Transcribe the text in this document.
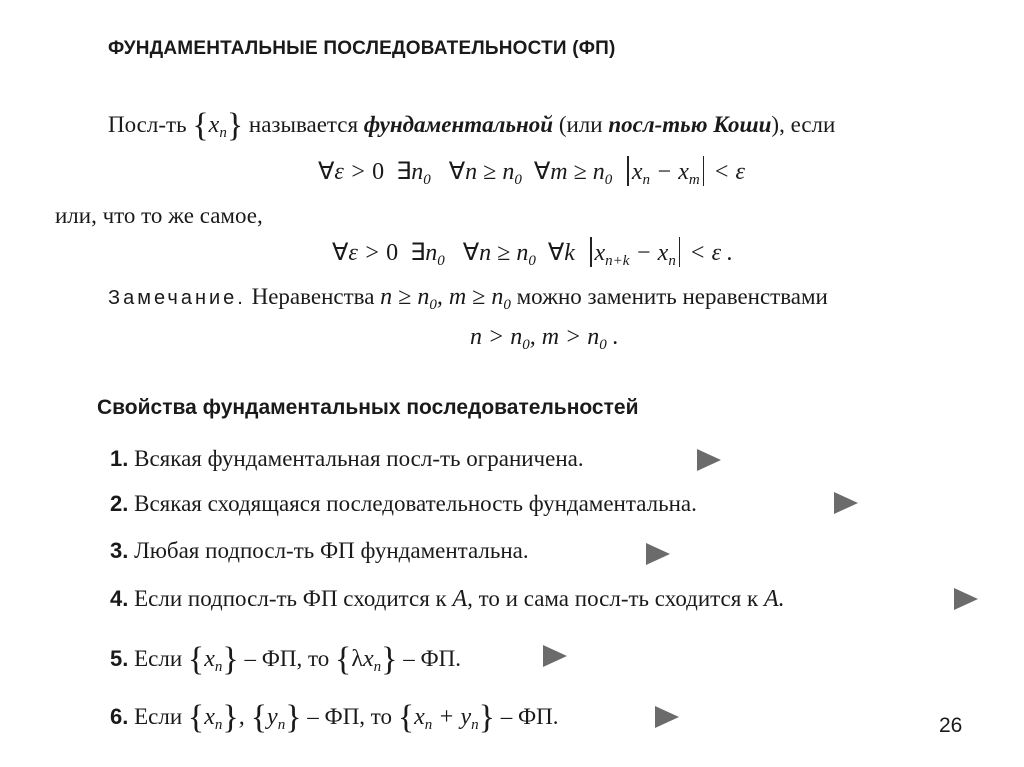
ФУНДАМЕНТАЛЬНЫЕ ПОСЛЕДОВАТЕЛЬНОСТИ (ФП)
Посл-ть $\{x_n\}$ называется фундаментальной (или посл-тью Коши), если
∀ε > 0 $\exists n_0$ ∀n ≥ $n_0$ ∀m ≥ $n_0$ $x_n - x_m < \varepsilon$
или, что то же самое,
∀ε > 0 $\exists n_0$ ∀n ≥ $n_0$ ∀k  $x_{n+k} - x_n < \varepsilon$ .
Замечание. Неравенства $n \ge n_0$, $m \ge n_0$ можно заменить неравенствами
$n > n_0$, $m > n_0$ .
Свойства фундаментальных последовательностей
1. Всякая фундаментальная посл-ть ограничена.
2. Всякая сходящаяся последовательность фундаментальна.
3. Любая подпосл-ть ФП фундаментальна.
4. Если подпосл-ть ФП сходится к A, то и сама посл-ть сходится к A.
5. Если $\{x_n\}$ – ФП, то $\{\lambda x_n\}$ – ФП.
6. Если $\{x_n\}$, $\{y_n\}$ – ФП, то $\{x_n + y_n\}$ – ФП.	26
